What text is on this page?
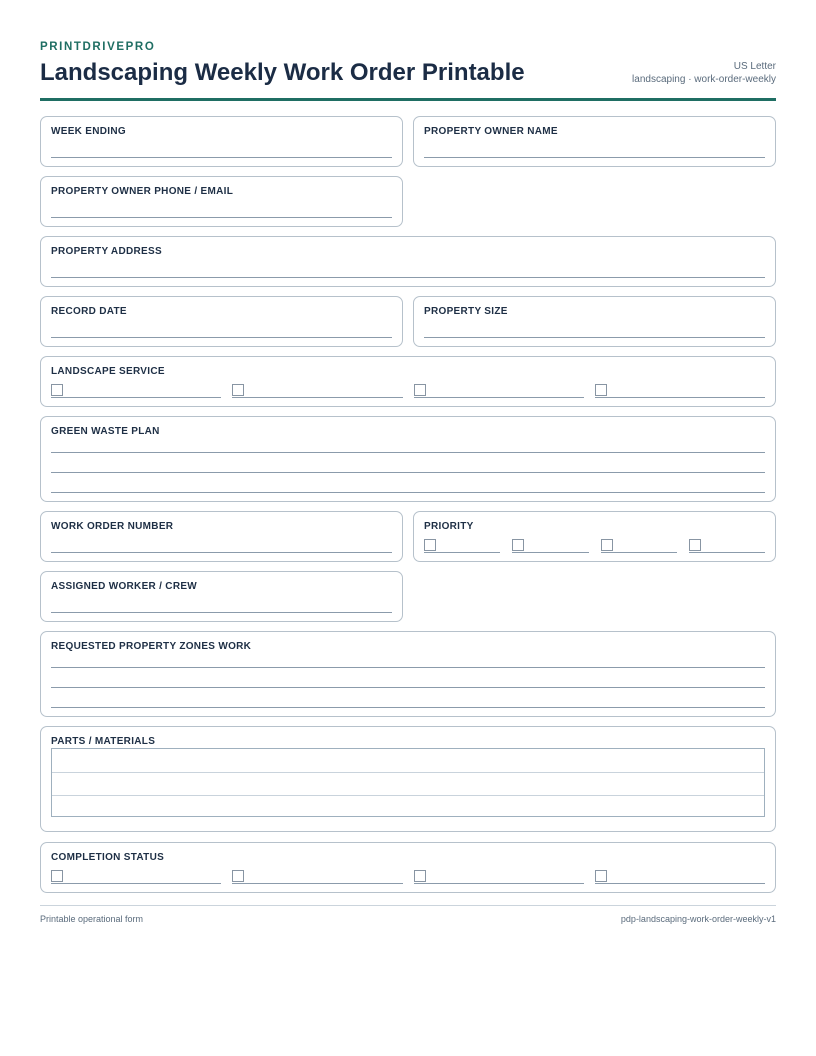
PRINTDRIVEPRO
Landscaping Weekly Work Order Printable	US Letter
landscaping · work-order-weekly
WEEK ENDING	PROPERTY OWNER NAME
PROPERTY OWNER PHONE / EMAIL
PROPERTY ADDRESS
RECORD DATE	PROPERTY SIZE
LANDSCAPE SERVICE
GREEN WASTE PLAN
WORK ORDER NUMBER	PRIORITY
ASSIGNED WORKER / CREW
REQUESTED PROPERTY ZONES WORK
PARTS / MATERIALS
COMPLETION STATUS
Printable operational form	pdp-landscaping-work-order-weekly-v1
